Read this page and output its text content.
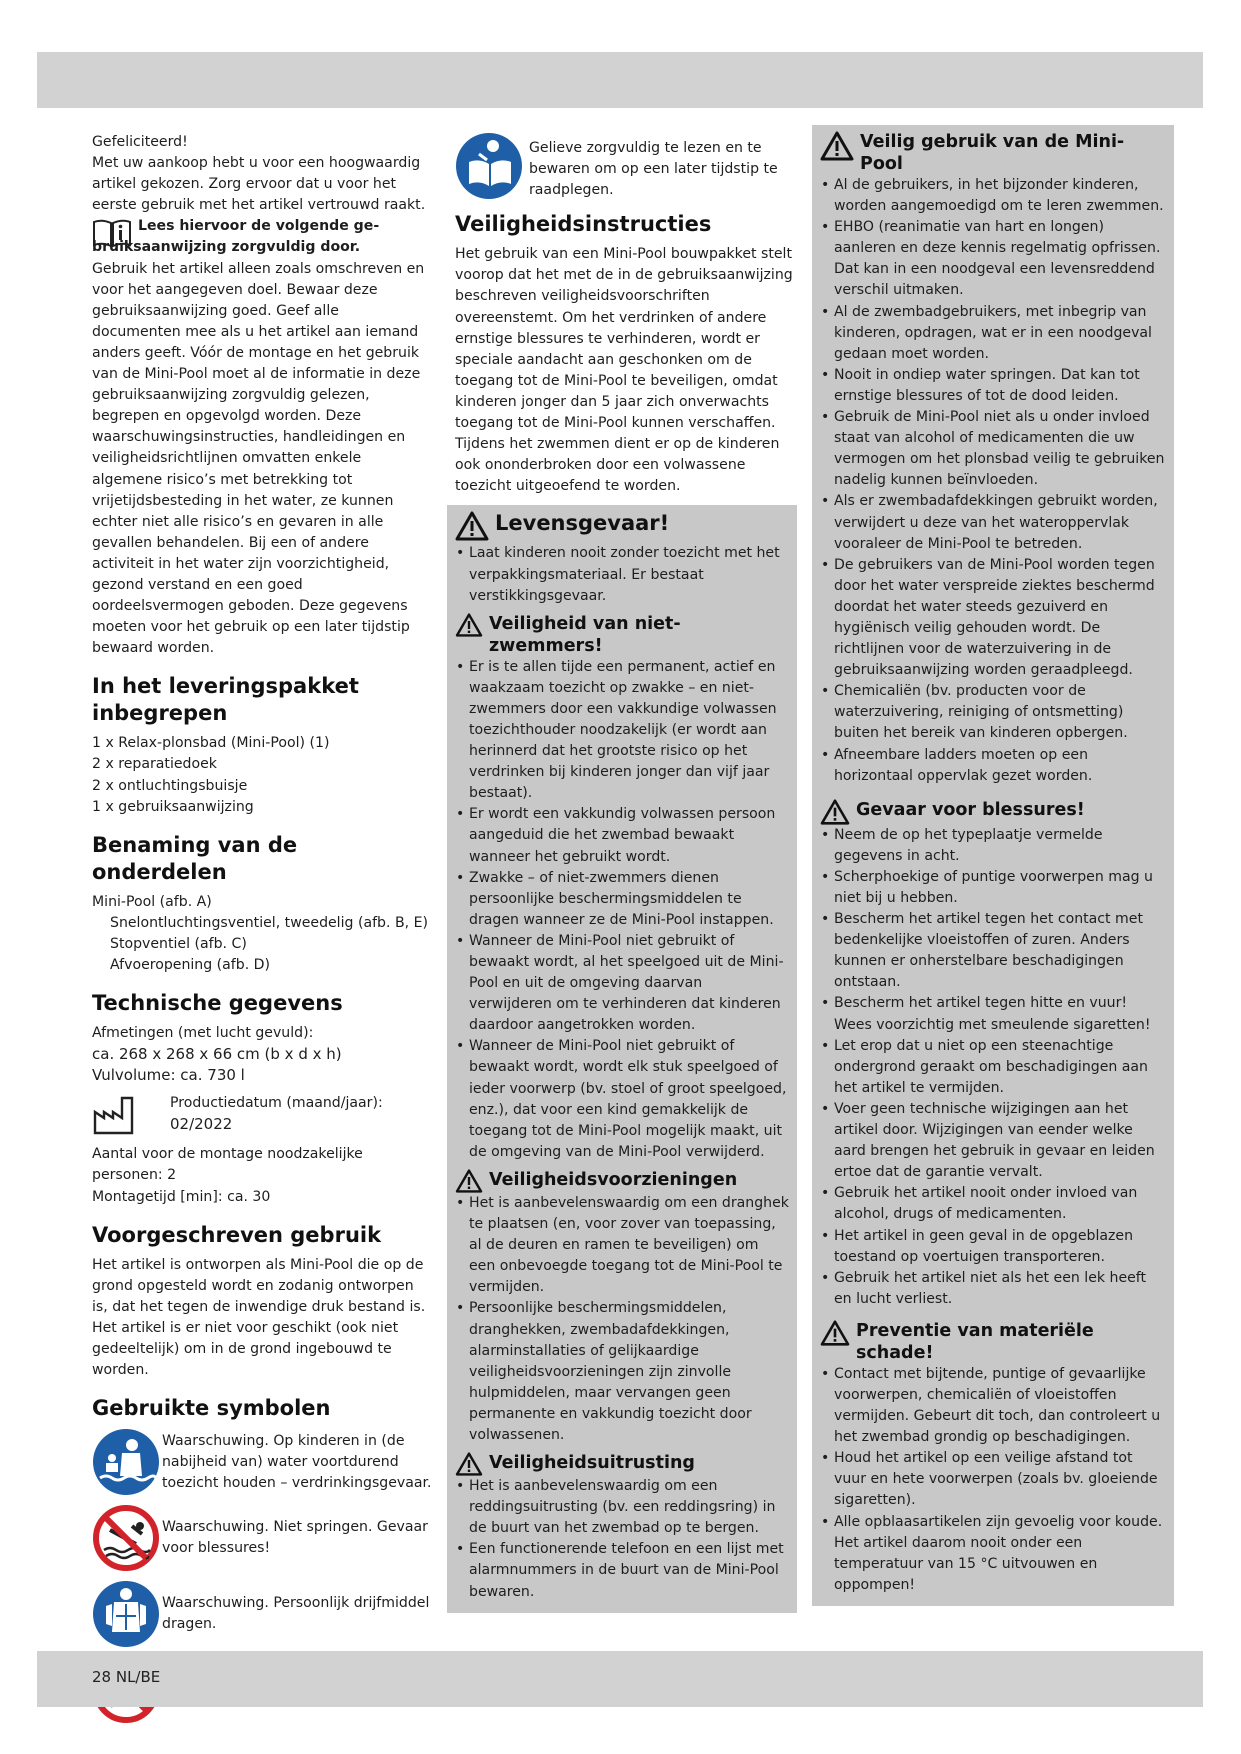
Gefeliciteerd!

Met uw aankoop hebt u voor een hoogwaardig artikel gekozen. Zorg ervoor dat u voor het eerste gebruik met het artikel vertrouwd raakt.

Lees hiervoor de volgende ge-
bruiksaanwijzing zorgvuldig door.

Gebruik het artikel alleen zoals omschreven en voor het aangegeven doel. Bewaar deze gebruiksaanwijzing goed. Geef alle documenten mee als u het artikel aan iemand anders geeft. Vóór de montage en het gebruik van de Mini-Pool moet al de informatie in deze gebruiksaanwijzing zorgvuldig gelezen, begrepen en opgevolgd worden. Deze waarschuwingsinstructies, handleidingen en veiligheidsrichtlijnen omvatten enkele algemene risico’s met betrekking tot vrijetijdsbesteding in het water, ze kunnen echter niet alle risico’s en gevaren in alle gevallen behandelen. Bij een of andere activiteit in het water zijn voorzichtigheid, gezond verstand en een goed oordeelsvermogen geboden. Deze gegevens moeten voor het gebruik op een later tijdstip bewaard worden.

In het leveringspakket inbegrepen
1 x Relax-plonsbad (Mini-Pool) (1)
2 x reparatiedoek
2 x ontluchtingsbuisje
1 x gebruiksaanwijzing
Benaming van de onderdelen
Mini-Pool (afb. A)
Snelontluchtingsventiel, tweedelig (afb. B, E)
Stopventiel (afb. C)
Afvoeropening (afb. D)
Technische gegevens
Afmetingen (met lucht gevuld):
ca. 268 x 268 x 66 cm (b x d x h)
Vulvolume: ca. 730 l
Productiedatum (maand/jaar):
02/2022
Aantal voor de montage noodzakelijke personen: 2
Montagetijd [min]: ca. 30
Voorgeschreven gebruik

Het artikel is ontworpen als Mini-Pool die op de grond opgesteld wordt en zodanig ontworpen is, dat het tegen de inwendige druk bestand is. Het artikel is er niet voor geschikt (ook niet gedeeltelijk) om in de grond ingebouwd te worden.

Gebruikte symbolen
Waarschuwing. Op kinderen in (de nabijheid van) water voortdurend toezicht houden – verdrinkingsgevaar.
Waarschuwing. Niet springen. Gevaar voor blessures!
Waarschuwing. Persoonlijk drijfmiddel dragen.

Gelieve zorgvuldig te lezen en te bewaren om op een later tijdstip te raadplegen.

Veiligheidsinstructies

Het gebruik van een Mini-Pool bouwpakket stelt voorop dat het met de in de gebruiksaanwijzing beschreven veiligheidsvoorschriften overeenstemt. Om het verdrinken of andere ernstige blessures te verhinderen, wordt er speciale aandacht aan geschonken om de toegang tot de Mini-Pool te beveiligen, omdat kinderen jonger dan 5 jaar zich onverwachts toegang tot de Mini-Pool kunnen verschaffen. Tijdens het zwemmen dient er op de kinderen ook ononderbroken door een volwassene toezicht uitgeoefend te worden.

Levensgevaar!
• Laat kinderen nooit zonder toezicht met het verpakkingsmateriaal. Er bestaat verstikkingsgevaar.
Veiligheid van niet-zwemmers!
• Er is te allen tijde een permanent, actief en waakzaam toezicht op zwakke – en niet-zwemmers door een vakkundige volwassen toezichthouder noodzakelijk (er wordt aan herinnerd dat het grootste risico op het verdrinken bij kinderen jonger dan vijf jaar bestaat).
• Er wordt een vakkundig volwassen persoon aangeduid die het zwembad bewaakt wanneer het gebruikt wordt.
• Zwakke – of niet-zwemmers dienen persoonlijke beschermingsmiddelen te dragen wanneer ze de Mini-Pool instappen.
• Wanneer de Mini-Pool niet gebruikt of bewaakt wordt, al het speelgoed uit de Mini-Pool en uit de omgeving daarvan verwijderen om te verhinderen dat kinderen daardoor aangetrokken worden.
• Wanneer de Mini-Pool niet gebruikt of bewaakt wordt, wordt elk stuk speelgoed of ieder voorwerp (bv. stoel of groot speelgoed, enz.), dat voor een kind gemakkelijk de toegang tot de Mini-Pool mogelijk maakt, uit de omgeving van de Mini-Pool verwijderd.
Veiligheidsvoorzieningen
• Het is aanbevelenswaardig om een dranghek te plaatsen (en, voor zover van toepassing, al de deuren en ramen te beveiligen) om een onbevoegde toegang tot de Mini-Pool te vermijden.
• Persoonlijke beschermingsmiddelen, dranghekken, zwembadafdekkingen, alarminstallaties of gelijkaardige veiligheidsvoorzieningen zijn zinvolle hulpmiddelen, maar vervangen geen permanente en vakkundig toezicht door volwassenen.
Veiligheidsuitrusting
• Het is aanbevelenswaardig om een reddingsuitrusting (bv. een reddingsring) in de buurt van het zwembad op te bergen.
• Een functionerende telefoon en een lijst met alarmnummers in de buurt van de Mini-Pool bewaren.
Veilig gebruik van de Mini-Pool
• Al de gebruikers, in het bijzonder kinderen, worden aangemoedigd om te leren zwemmen.
• EHBO (reanimatie van hart en longen) aanleren en deze kennis regelmatig opfrissen. Dat kan in een noodgeval een levensreddend verschil uitmaken.
• Al de zwembadgebruikers, met inbegrip van kinderen, opdragen, wat er in een noodgeval gedaan moet worden.
• Nooit in ondiep water springen. Dat kan tot ernstige blessures of tot de dood leiden.
• Gebruik de Mini-Pool niet als u onder invloed staat van alcohol of medicamenten die uw vermogen om het plonsbad veilig te gebruiken nadelig kunnen beïnvloeden.
• Als er zwembadafdekkingen gebruikt worden, verwijdert u deze van het wateroppervlak vooraleer de Mini-Pool te betreden.
• De gebruikers van de Mini-Pool worden tegen door het water verspreide ziektes beschermd doordat het water steeds gezuiverd en hygiënisch veilig gehouden wordt. De richtlijnen voor de waterzuivering in de gebruiksaanwijzing worden geraadpleegd.
• Chemicaliën (bv. producten voor de waterzuivering, reiniging of ontsmetting) buiten het bereik van kinderen opbergen.
• Afneembare ladders moeten op een horizontaal oppervlak gezet worden.
Gevaar voor blessures!
• Neem de op het typeplaatje vermelde gegevens in acht.
• Scherphoekige of puntige voorwerpen mag u niet bij u hebben.
• Bescherm het artikel tegen het contact met bedenkelijke vloeistoffen of zuren. Anders kunnen er onherstelbare beschadigingen ontstaan.
• Bescherm het artikel tegen hitte en vuur! Wees voorzichtig met smeulende sigaretten!
• Let erop dat u niet op een steenachtige ondergrond geraakt om beschadigingen aan het artikel te vermijden.
• Voer geen technische wijzigingen aan het artikel door. Wijzigingen van eender welke aard brengen het gebruik in gevaar en leiden ertoe dat de garantie vervalt.
• Gebruik het artikel nooit onder invloed van alcohol, drugs of medicamenten.
• Het artikel in geen geval in de opgeblazen toestand op voertuigen transporteren.
• Gebruik het artikel niet als het een lek heeft en lucht verliest.
Preventie van materiële schade!
• Contact met bijtende, puntige of gevaarlijke voorwerpen, chemicaliën of vloeistoffen vermijden. Gebeurt dit toch, dan controleert u het zwembad grondig op beschadigingen.
• Houd het artikel op een veilige afstand tot vuur en hete voorwerpen (zoals bv. gloeiende sigaretten).
• Alle opblaasartikelen zijn gevoelig voor koude. Het artikel daarom nooit onder een temperatuur van 15 °C uitvouwen en oppompen!
28 NL/BE
